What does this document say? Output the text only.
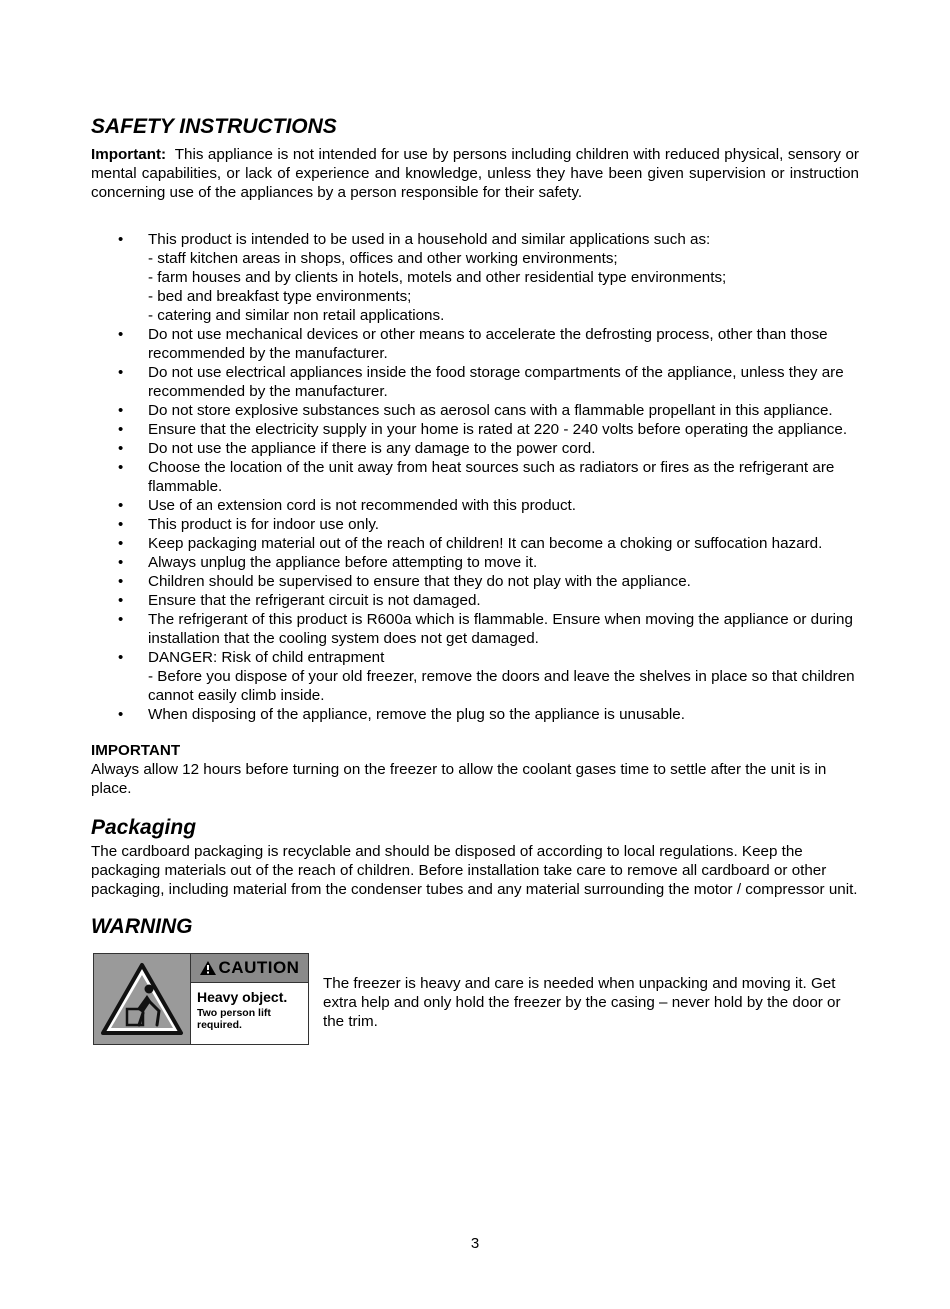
SAFETY INSTRUCTIONS

Important: This appliance is not intended for use by persons including children with reduced physical, sensory or mental capabilities, or lack of experience and knowledge, unless they have been given supervision or instruction concerning use of the appliances by a person responsible for their safety.

• This product is intended to be used in a household and similar applications such as:
- staff kitchen areas in shops, offices and other working environments;
- farm houses and by clients in hotels, motels and other residential type environments;
- bed and breakfast type environments;
- catering and similar non retail applications.
• Do not use mechanical devices or other means to accelerate the defrosting process, other than those recommended by the manufacturer.
• Do not use electrical appliances inside the food storage compartments of the appliance, unless they are recommended by the manufacturer.
• Do not store explosive substances such as aerosol cans with a flammable propellant in this appliance.
• Ensure that the electricity supply in your home is rated at 220 - 240 volts before operating the appliance.
• Do not use the appliance if there is any damage to the power cord.
• Choose the location of the unit away from heat sources such as radiators or fires as the refrigerant are flammable.
• Use of an extension cord is not recommended with this product.
• This product is for indoor use only.
• Keep packaging material out of the reach of children! It can become a choking or suffocation hazard.
• Always unplug the appliance before attempting to move it.
• Children should be supervised to ensure that they do not play with the appliance.
• Ensure that the refrigerant circuit is not damaged.
• The refrigerant of this product is R600a which is flammable. Ensure when moving the appliance or during installation that the cooling system does not get damaged.
• DANGER: Risk of child entrapment
- Before you dispose of your old freezer, remove the doors and leave the shelves in place so that children cannot easily climb inside.
• When disposing of the appliance, remove the plug so the appliance is unusable.

IMPORTANT

Always allow 12 hours before turning on the freezer to allow the coolant gases time to settle after the unit is in place.

Packaging

The cardboard packaging is recyclable and should be disposed of according to local regulations. Keep the packaging materials out of the reach of children. Before installation take care to remove all cardboard or other packaging, including material from the condenser tubes and any material surrounding the motor / compressor unit.

WARNING
CAUTION
Heavy object.
Two person lift required.
The freezer is heavy and care is needed when unpacking and moving it. Get extra help and only hold the freezer by the casing – never hold by the door or the trim.
3
